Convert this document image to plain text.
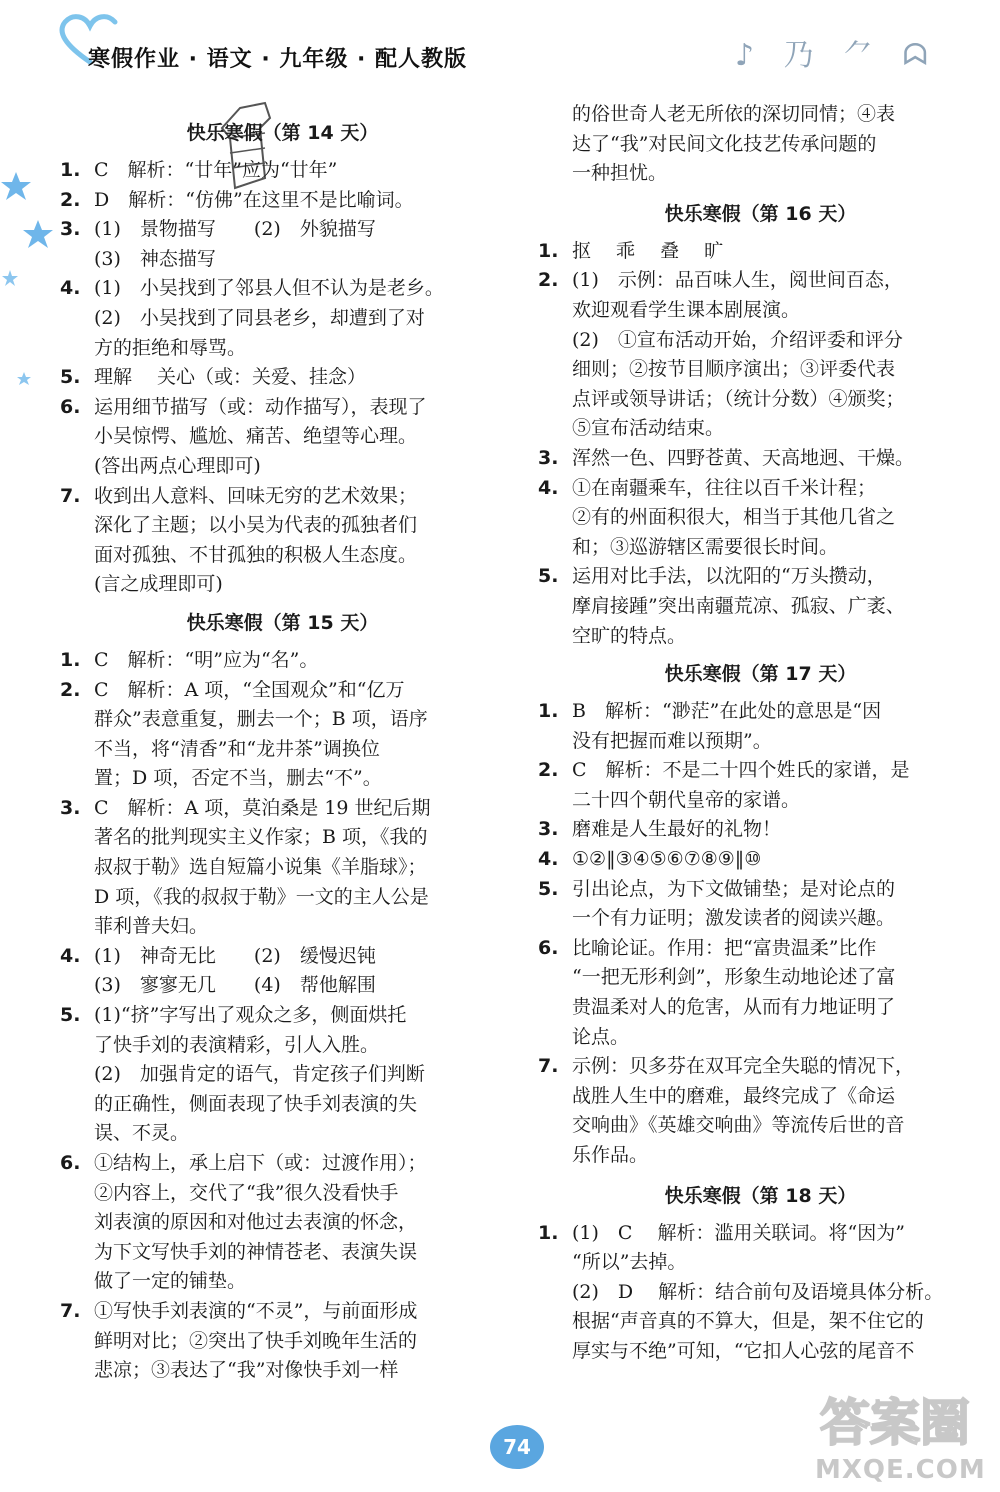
寒假作业 · 语文 · 九年级 · 配人教版	♪ 乃 ⺈ ᗣ
快乐寒假（第 14 天）
1. C　解析：“廿年”应为“廿年”
2. D　解析：“仿佛”在这里不是比喻词。
3. (1)　景物描写　　(2)　外貌描写
(3)　神态描写
4. (1)　小吴找到了邻县人但不认为是老乡。
(2)　小吴找到了同县老乡，却遭到了对
方的拒绝和辱骂。
5. 理解　 关心（或：关爱、挂念）
6. 运用细节描写（或：动作描写），表现了
小吴惊愕、尴尬、痛苦、绝望等心理。
(答出两点心理即可)
7. 收到出人意料、回味无穷的艺术效果；
深化了主题；以小吴为代表的孤独者们
面对孤独、不甘孤独的积极人生态度。
(言之成理即可)
快乐寒假（第 15 天）
1. C　解析：“明”应为“名”。
2. C　解析：A 项，“全国观众”和“亿万
群众”表意重复，删去一个；B 项，语序
不当，将“清香”和“龙井茶”调换位
置；D 项，否定不当，删去“不”。
3. C　解析：A 项，莫泊桑是 19 世纪后期
著名的批判现实主义作家；B 项，《我的
叔叔于勒》选自短篇小说集《羊脂球》；
D 项，《我的叔叔于勒》一文的主人公是
菲利普夫妇。
4. (1)　神奇无比　　(2)　缓慢迟钝
(3)　寥寥无几　　(4)　帮他解围
5. (1)“挤”字写出了观众之多，侧面烘托
了快手刘的表演精彩，引人入胜。
(2)　加强肯定的语气，肯定孩子们判断
的正确性，侧面表现了快手刘表演的失
误、不灵。
6. ①结构上，承上启下（或：过渡作用）；
②内容上，交代了“我”很久没看快手
刘表演的原因和对他过去表演的怀念，
为下文写快手刘的神情苍老、表演失误
做了一定的铺垫。
7. ①写快手刘表演的“不灵”，与前面形成
鲜明对比；②突出了快手刘晚年生活的
悲凉；③表达了“我”对像快手刘一样
的俗世奇人老无所依的深切同情；④表
达了“我”对民间文化技艺传承问题的
一种担忧。
快乐寒假（第 16 天）
1. 抠　 乖　 叠　 旷
2. (1)　示例：品百味人生，阅世间百态，
欢迎观看学生课本剧展演。
(2)　①宣布活动开始，介绍评委和评分
细则；②按节目顺序演出；③评委代表
点评或领导讲话；（统计分数）④颁奖；
⑤宣布活动结束。
3. 浑然一色、四野苍黄、天高地迥、干燥。
4. ①在南疆乘车，往往以百千米计程；
②有的州面积很大，相当于其他几省之
和；③巡游辖区需要很长时间。
5. 运用对比手法，以沈阳的“万头攒动，
摩肩接踵”突出南疆荒凉、孤寂、广袤、
空旷的特点。
快乐寒假（第 17 天）
1. B　解析：“渺茫”在此处的意思是“因
没有把握而难以预期”。
2. C　解析：不是二十四个姓氏的家谱，是
二十四个朝代皇帝的家谱。
3. 磨难是人生最好的礼物！
4. ①②‖③④⑤⑥⑦⑧⑨‖⑩
5. 引出论点，为下文做铺垫；是对论点的
一个有力证明；激发读者的阅读兴趣。
6. 比喻论证。作用：把“富贵温柔”比作
“一把无形利剑”，形象生动地论述了富
贵温柔对人的危害，从而有力地证明了
论点。
7. 示例：贝多芬在双耳完全失聪的情况下，
战胜人生中的磨难，最终完成了《命运
交响曲》《英雄交响曲》等流传后世的音
乐作品。
快乐寒假（第 18 天）
1. (1)　C　 解析：滥用关联词。将“因为”
“所以”去掉。
(2)　D　 解析：结合前句及语境具体分析。
根据“声音真的不算大，但是，架不住它的
厚实与不绝”可知，“它扣人心弦的尾音不
74	答案圈
MXQE.COM
